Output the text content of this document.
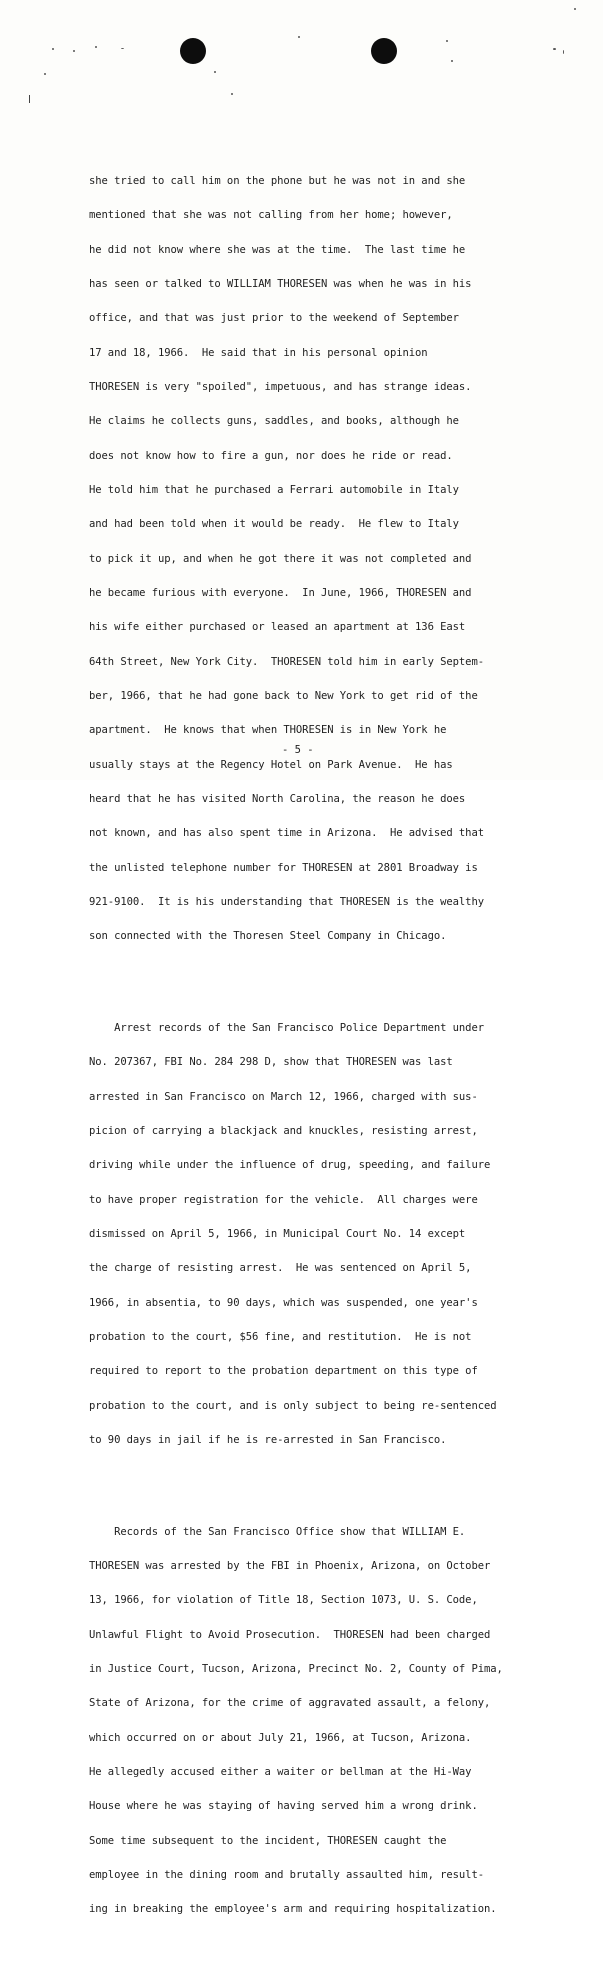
she tried to call him on the phone but he was not in and she

mentioned that she was not calling from her home; however,

he did not know where she was at the time.  The last time he

has seen or talked to WILLIAM THORESEN was when he was in his

office, and that was just prior to the weekend of September

17 and 18, 1966.  He said that in his personal opinion

THORESEN is very "spoiled", impetuous, and has strange ideas.

He claims he collects guns, saddles, and books, although he

does not know how to fire a gun, nor does he ride or read.

He told him that he purchased a Ferrari automobile in Italy

and had been told when it would be ready.  He flew to Italy

to pick it up, and when he got there it was not completed and

he became furious with everyone.  In June, 1966, THORESEN and

his wife either purchased or leased an apartment at 136 East

64th Street, New York City.  THORESEN told him in early Septem-

ber, 1966, that he had gone back to New York to get rid of the

apartment.  He knows that when THORESEN is in New York he

usually stays at the Regency Hotel on Park Avenue.  He has

heard that he has visited North Carolina, the reason he does

not known, and has also spent time in Arizona.  He advised that

the unlisted telephone number for THORESEN at 2801 Broadway is

921-9100.  It is his understanding that THORESEN is the wealthy

son connected with the Thoresen Steel Company in Chicago.

Arrest records of the San Francisco Police Department under

No. 207367, FBI No. 284 298 D, show that THORESEN was last

arrested in San Francisco on March 12, 1966, charged with sus-

picion of carrying a blackjack and knuckles, resisting arrest,

driving while under the influence of drug, speeding, and failure

to have proper registration for the vehicle.  All charges were

dismissed on April 5, 1966, in Municipal Court No. 14 except

the charge of resisting arrest.  He was sentenced on April 5,

1966, in absentia, to 90 days, which was suspended, one year's

probation to the court, $56 fine, and restitution.  He is not

required to report to the probation department on this type of

probation to the court, and is only subject to being re-sentenced

to 90 days in jail if he is re-arrested in San Francisco.

Records of the San Francisco Office show that WILLIAM E.

THORESEN was arrested by the FBI in Phoenix, Arizona, on October

13, 1966, for violation of Title 18, Section 1073, U. S. Code,

Unlawful Flight to Avoid Prosecution.  THORESEN had been charged

in Justice Court, Tucson, Arizona, Precinct No. 2, County of Pima,

State of Arizona, for the crime of aggravated assault, a felony,

which occurred on or about July 21, 1966, at Tucson, Arizona.

He allegedly accused either a waiter or bellman at the Hi-Way

House where he was staying of having served him a wrong drink.

Some time subsequent to the incident, THORESEN caught the

employee in the dining room and brutally assaulted him, result-

ing in breaking the employee's arm and requiring hospitalization.

- 5 -
